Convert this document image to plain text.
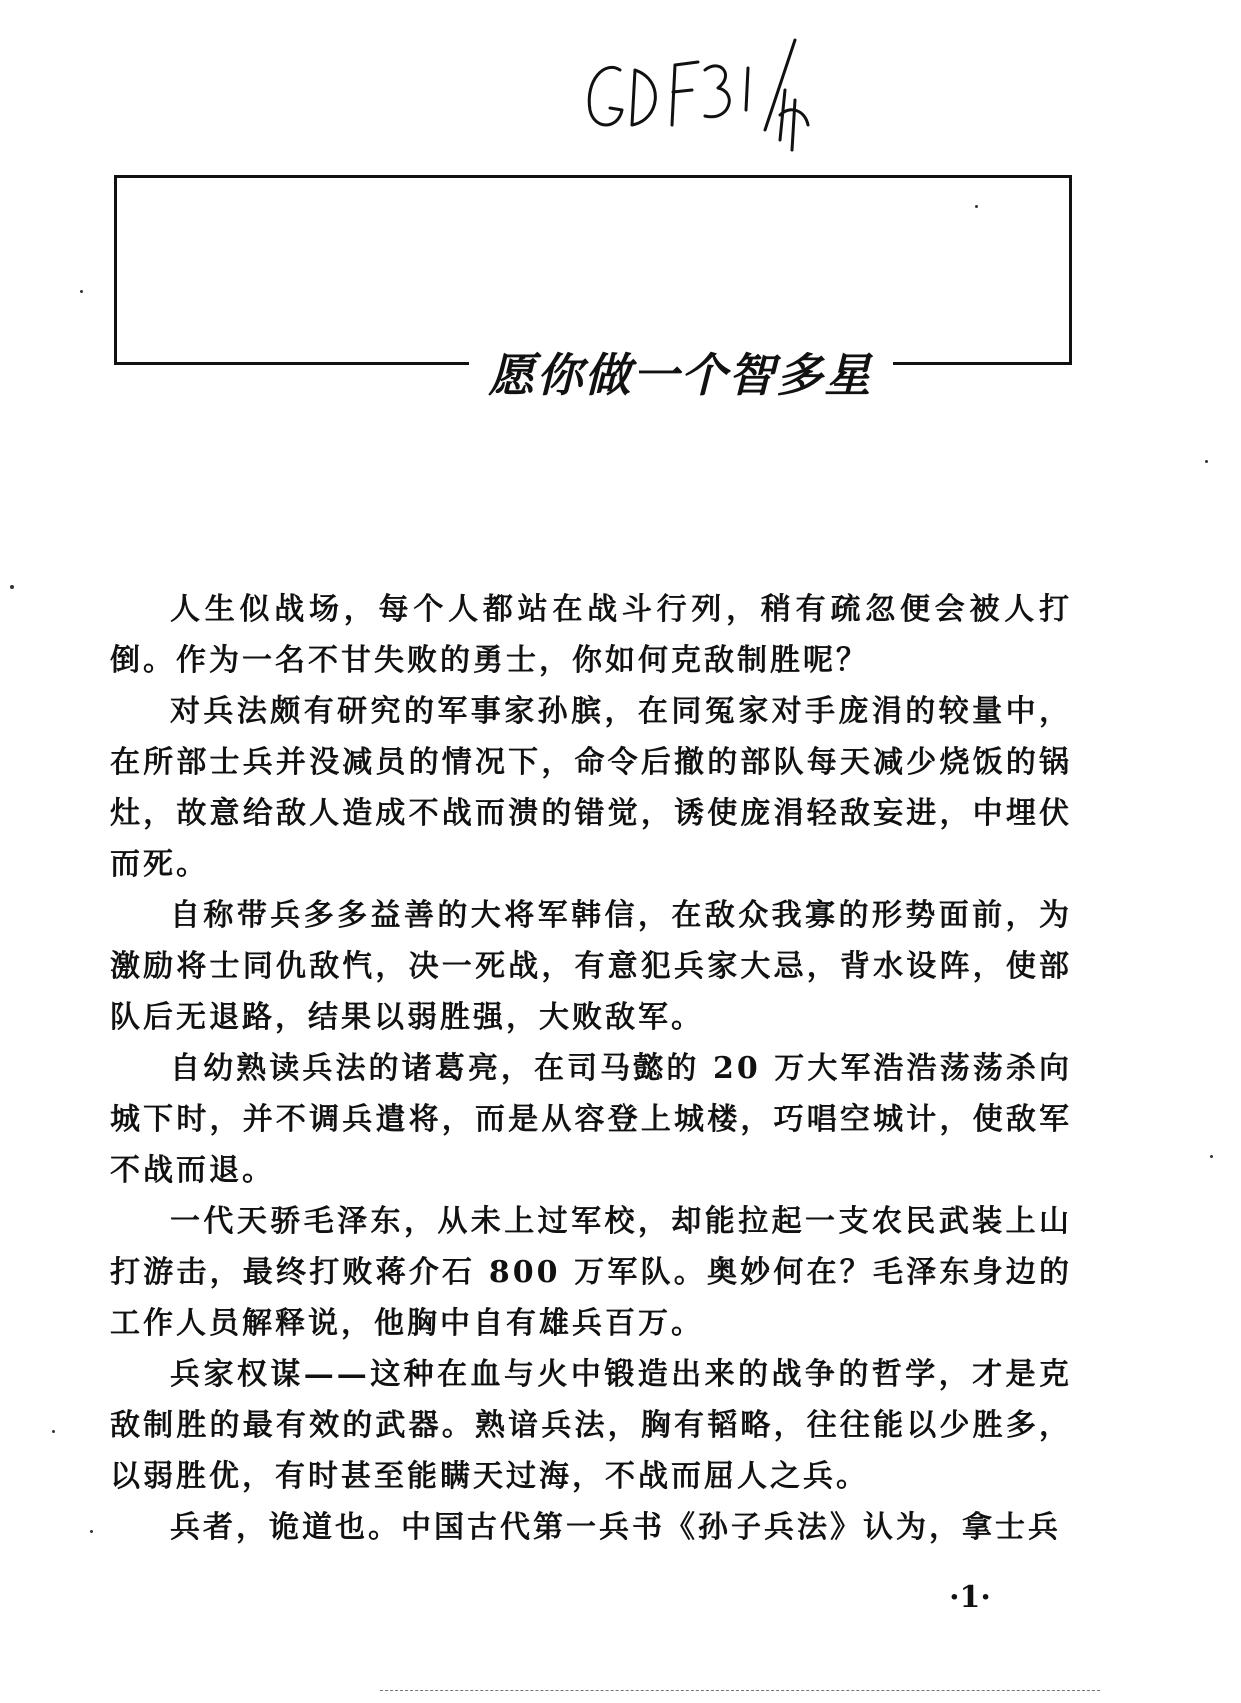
愿你做一个智多星

人生似战场，每个人都站在战斗行列，稍有疏忽便会被人打倒。作为一名不甘失败的勇士，你如何克敌制胜呢？

对兵法颇有研究的军事家孙膑，在同冤家对手庞涓的较量中，在所部士兵并没减员的情况下，命令后撤的部队每天减少烧饭的锅灶，故意给敌人造成不战而溃的错觉，诱使庞涓轻敌妄进，中埋伏而死。

自称带兵多多益善的大将军韩信，在敌众我寡的形势面前，为激励将士同仇敌忾，决一死战，有意犯兵家大忌，背水设阵，使部队后无退路，结果以弱胜强，大败敌军。

自幼熟读兵法的诸葛亮，在司马懿的 20 万大军浩浩荡荡杀向城下时，并不调兵遣将，而是从容登上城楼，巧唱空城计，使敌军不战而退。

一代天骄毛泽东，从未上过军校，却能拉起一支农民武装上山打游击，最终打败蒋介石 800 万军队。奥妙何在？毛泽东身边的工作人员解释说，他胸中自有雄兵百万。

兵家权谋——这种在血与火中锻造出来的战争的哲学，才是克敌制胜的最有效的武器。熟谙兵法，胸有韬略，往往能以少胜多，以弱胜优，有时甚至能瞒天过海，不战而屈人之兵。

兵者，诡道也。中国古代第一兵书《孙子兵法》认为，拿士兵

·1·
